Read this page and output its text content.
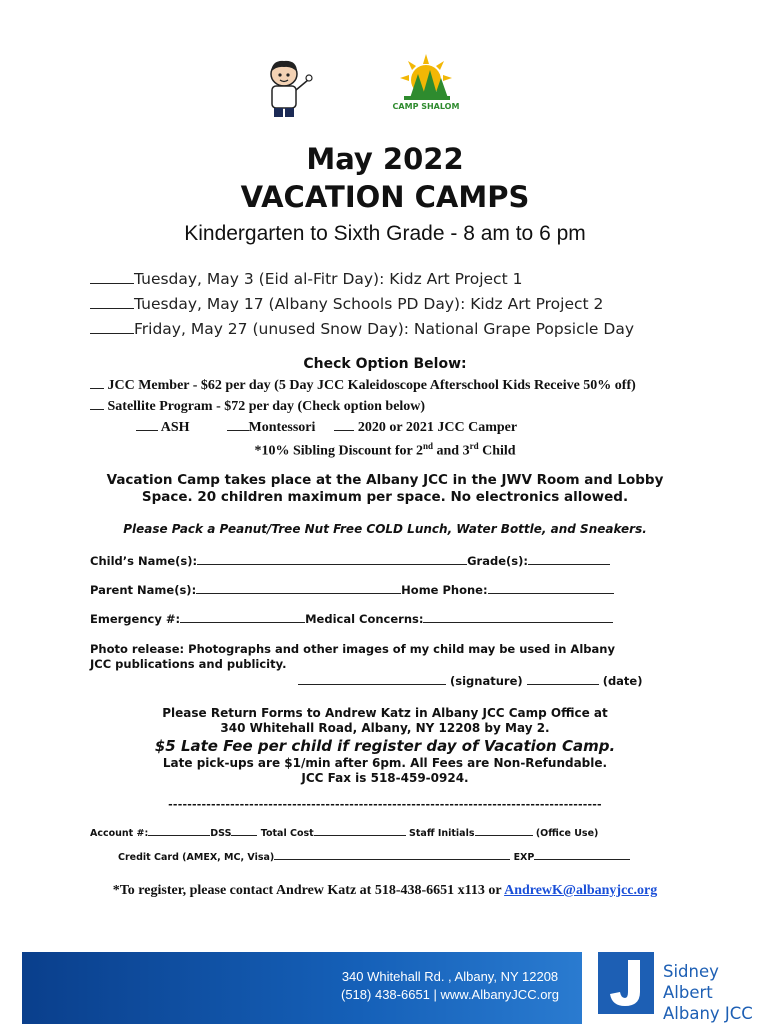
CAMP SHALOM
May 2022
VACATION CAMPS
Kindergarten to Sixth Grade - 8 am to 6 pm
Tuesday, May 3 (Eid al-Fitr Day): Kidz Art Project 1
Tuesday, May 17 (Albany Schools PD Day): Kidz Art Project 2
Friday, May 27 (unused Snow Day): National Grape Popsicle Day
Check Option Below:
JCC Member - $62 per day (5 Day JCC Kaleidoscope Afterschool Kids Receive 50% off)
Satellite Program - $72 per day (Check option below)
ASH	Montessori	2020 or 2021 JCC Camper
*10% Sibling Discount for 2nd and 3rd Child
Vacation Camp takes place at the Albany JCC in the JWV Room and Lobby
Space. 20 children maximum per space. No electronics allowed.
Please Pack a Peanut/Tree Nut Free COLD Lunch, Water Bottle, and Sneakers.
Child’s Name(s):	Grade(s):
Parent Name(s):	Home Phone:
Emergency #:	Medical Concerns:
Photo release: Photographs and other images of my child may be used in Albany
JCC publications and publicity.
(signature)	(date)
Please Return Forms to Andrew Katz in Albany JCC Camp Office at
340 Whitehall Road, Albany, NY 12208 by May 2.
$5 Late Fee per child if register day of Vacation Camp.
Late pick-ups are $1/min after 6pm. All Fees are Non-Refundable.
JCC Fax is 518-459-0924.
-------------------------------------------------------------------------------------------
Account #:	DSS	Total Cost	Staff Initials	(Office Use)
Credit Card (AMEX, MC, Visa)	EXP
*To register, please contact Andrew Katz at 518-438-6651 x113 or AndrewK@albanyjcc.org
340 Whitehall Rd. , Albany, NY 12208
(518) 438-6651 | www.AlbanyJCC.org
Sidney Albert
Albany JCC
